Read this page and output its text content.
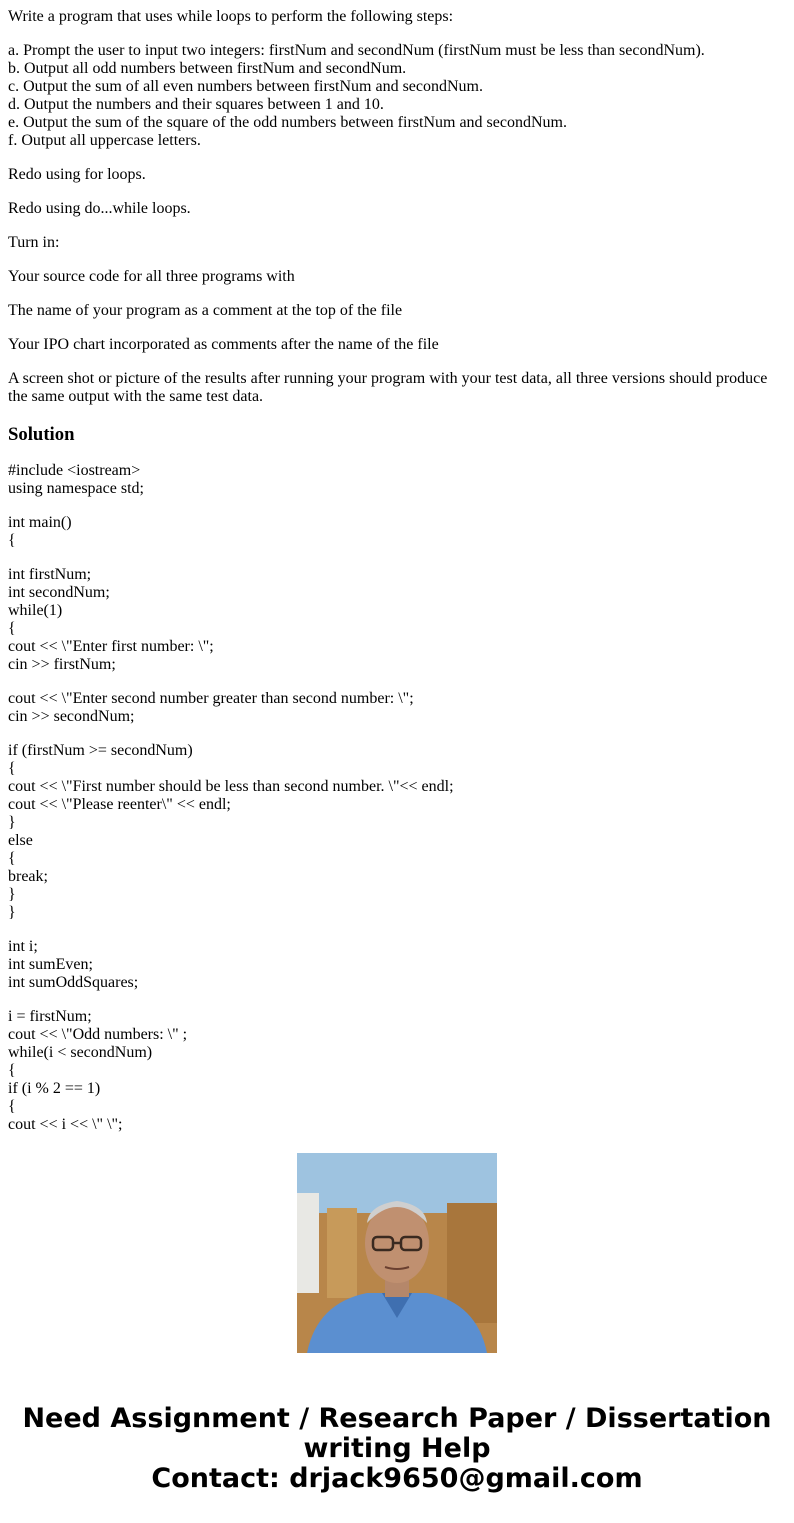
Write a program that uses while loops to perform the following steps:

a. Prompt the user to input two integers: firstNum and secondNum (firstNum must be less than secondNum).
b. Output all odd numbers between firstNum and secondNum.
c. Output the sum of all even numbers between firstNum and secondNum.
d. Output the numbers and their squares between 1 and 10.
e. Output the sum of the square of the odd numbers between firstNum and secondNum.
f. Output all uppercase letters.

Redo using for loops.

Redo using do...while loops.

Turn in:

Your source code for all three programs with

The name of your program as a comment at the top of the file

Your IPO chart incorporated as comments after the name of the file

A screen shot or picture of the results after running your program with your test data, all three versions should produce the same output with the same test data.

Solution
#include <iostream>
using namespace std;
int main()
{
int firstNum;
int secondNum;
while(1)
{
cout << \"Enter first number: \";
cin >> firstNum;
cout << \"Enter second number greater than second number: \";
cin >> secondNum;
if (firstNum >= secondNum)
{
cout << \"First number should be less than second number. \"<< endl;
cout << \"Please reenter\" << endl;
}
else
{
break;
}
}
int i;
int sumEven;
int sumOddSquares;
i = firstNum;
cout << \"Odd numbers: \" ;
while(i < secondNum)
{
if (i % 2 == 1)
{
cout << i << \" \";
Need Assignment / Research Paper / Dissertation
writing Help
Contact: drjack9650@gmail.com
